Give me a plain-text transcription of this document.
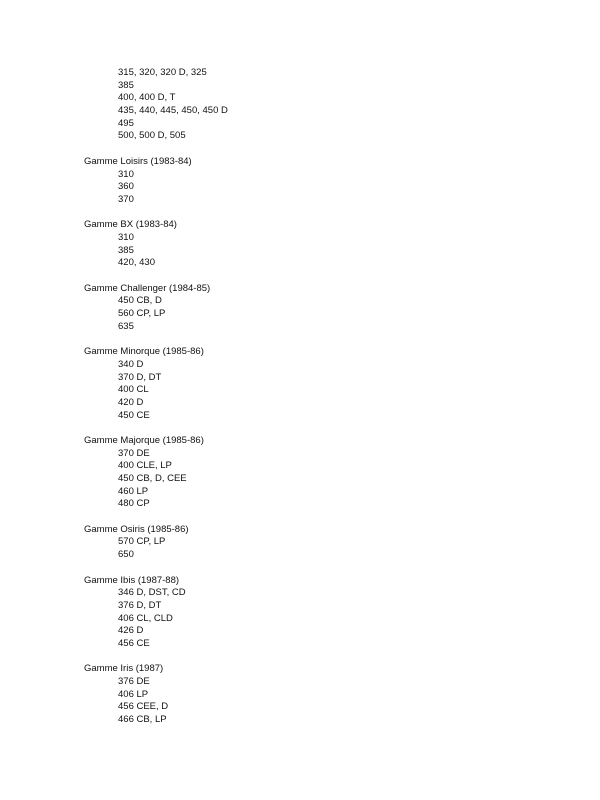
315, 320, 320 D, 325
385
400, 400 D, T
435, 440, 445, 450, 450 D
495
500, 500 D, 505
Gamme Loisirs (1983-84)
310
360
370
Gamme BX (1983-84)
310
385
420, 430
Gamme Challenger (1984-85)
450 CB, D
560 CP, LP
635
Gamme Minorque (1985-86)
340 D
370 D, DT
400 CL
420 D
450 CE
Gamme Majorque (1985-86)
370 DE
400 CLE, LP
450 CB, D, CEE
460 LP
480 CP
Gamme Osiris (1985-86)
570 CP, LP
650
Gamme Ibis (1987-88)
346 D, DST, CD
376 D, DT
406 CL, CLD
426 D
456 CE
Gamme Iris (1987)
376 DE
406 LP
456 CEE, D
466 CB, LP
